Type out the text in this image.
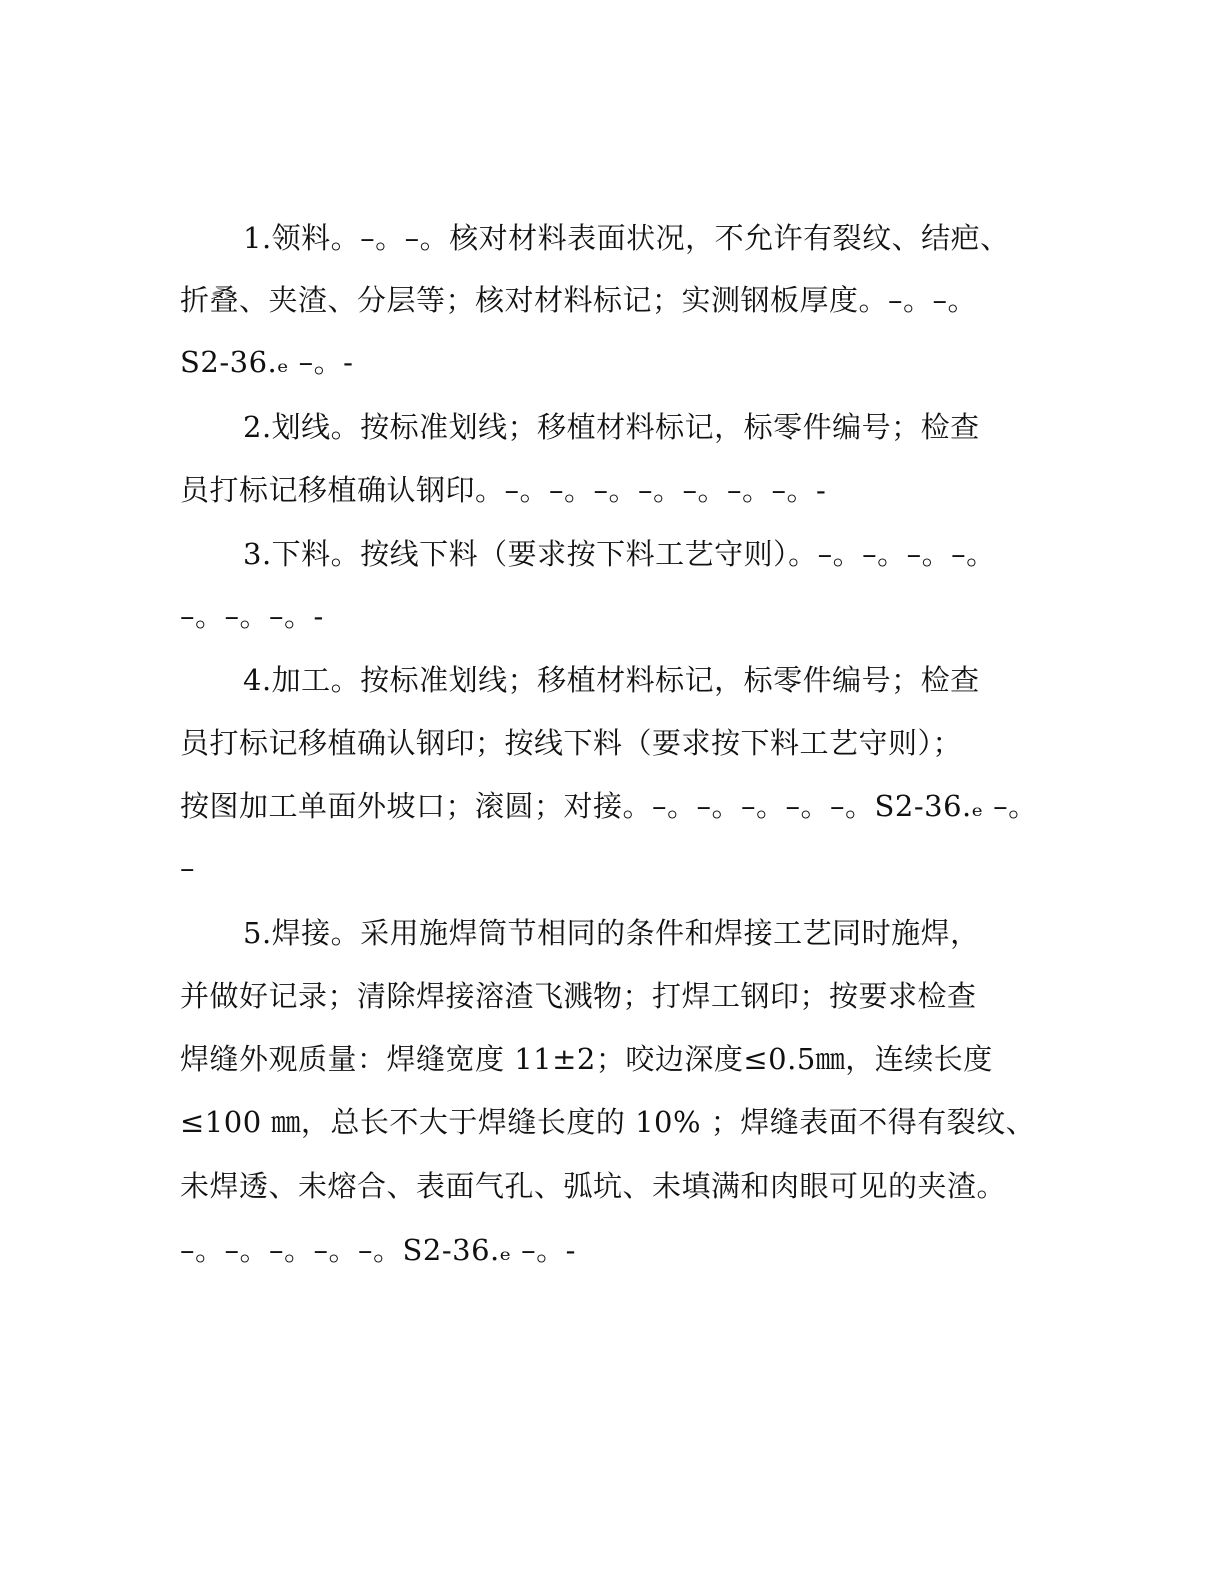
1.领料。–。–。核对材料表面状况，不允许有裂纹、结疤、
折叠、夹渣、分层等；核对材料标记；实测钢板厚度。–。–。
S2-36.ₑ –。-
2.划线。按标准划线；移植材料标记，标零件编号；检查
员打标记移植确认钢印。–。–。–。–。–。–。–。-
3.下料。按线下料（要求按下料工艺守则）。–。–。–。–。
–。–。–。-
4.加工。按标准划线；移植材料标记，标零件编号；检查
员打标记移植确认钢印；按线下料（要求按下料工艺守则）；
按图加工单面外坡口；滚圆；对接。–。–。–。–。–。S2-36.ₑ –。
–
5.焊接。采用施焊筒节相同的条件和焊接工艺同时施焊，
并做好记录；清除焊接溶渣飞溅物；打焊工钢印；按要求检查
焊缝外观质量：焊缝宽度 11±2；咬边深度≤0.5㎜，连续长度
≤100 ㎜，总长不大于焊缝长度的 10% ；焊缝表面不得有裂纹、
未焊透、未熔合、表面气孔、弧坑、未填满和肉眼可见的夹渣。
–。–。–。–。–。S2-36.ₑ –。-
